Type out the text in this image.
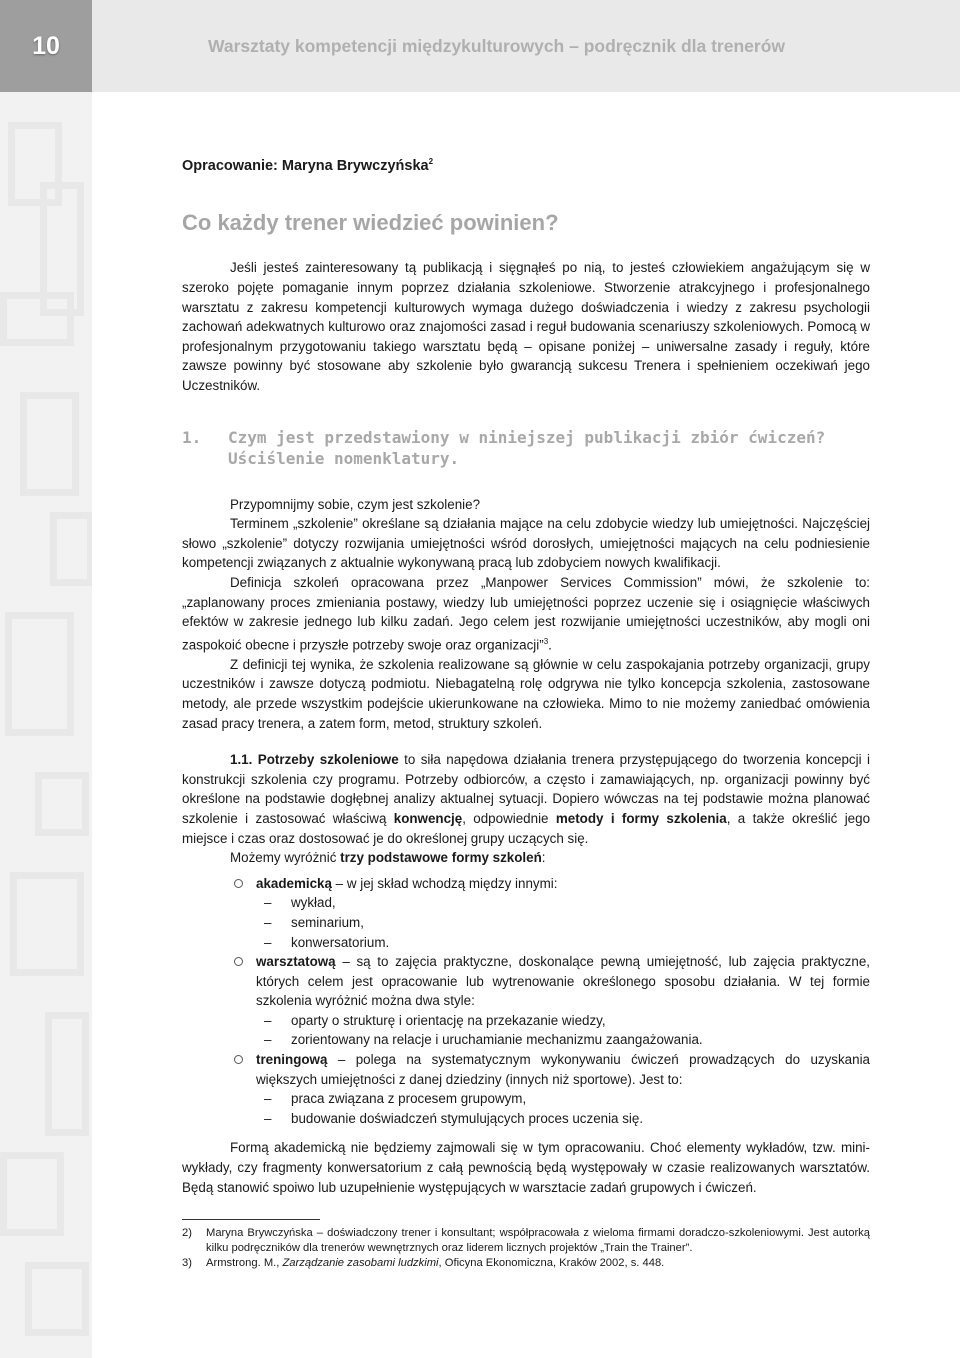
10	Warsztaty kompetencji międzykulturowych – podręcznik dla trenerów
Opracowanie: Maryna Brywczyńska$^2$
Co każdy trener wiedzieć powinien?

Jeśli jesteś zainteresowany tą publikacją i sięgnąłeś po nią, to jesteś człowiekiem angażującym się w szeroko pojęte pomaganie innym poprzez działania szkoleniowe. Stworzenie atrakcyjnego i profesjonalnego warsztatu z zakresu kompetencji kulturowych wymaga dużego doświadczenia i wiedzy z zakresu psychologii zachowań adekwatnych kulturowo oraz znajomości zasad i reguł budowania scenariuszy szkoleniowych. Pomocą w profesjonalnym przygotowaniu takiego warsztatu będą – opisane poniżej – uniwersalne zasady i reguły, które zawsze powinny być stosowane aby szkolenie było gwarancją sukcesu Trenera i spełnieniem oczekiwań jego Uczestników.

1.	Czym jest przedstawiony w niniejszej publikacji zbiór ćwiczeń?
Uściślenie nomenklatury.

Przypomnijmy sobie, czym jest szkolenie?

Terminem „szkolenie” określane są działania mające na celu zdobycie wiedzy lub umiejętności. Najczęściej słowo „szkolenie” dotyczy rozwijania umiejętności wśród dorosłych, umiejętności mających na celu podniesienie kompetencji związanych z aktualnie wykonywaną pracą lub zdobyciem nowych kwalifikacji.

Definicja szkoleń opracowana przez „Manpower Services Commission” mówi, że szkolenie to: „zaplanowany proces zmieniania postawy, wiedzy lub umiejętności poprzez uczenie się i osiągnięcie właściwych efektów w zakresie jednego lub kilku zadań. Jego celem jest rozwijanie umiejętności uczestników, aby mogli oni zaspokoić obecne i przyszłe potrzeby swoje oraz organizacji”$^3$.

Z definicji tej wynika, że szkolenia realizowane są głównie w celu zaspokajania potrzeby organizacji, grupy uczestników i zawsze dotyczą podmiotu. Niebagatelną rolę odgrywa nie tylko koncepcja szkolenia, zastosowane metody, ale przede wszystkim podejście ukierunkowane na człowieka. Mimo to nie możemy zaniedbać omówienia zasad pracy trenera, a zatem form, metod, struktury szkoleń.

1.1. Potrzeby szkoleniowe to siła napędowa działania trenera przystępującego do tworzenia koncepcji i konstrukcji szkolenia czy programu. Potrzeby odbiorców, a często i zamawiających, np. organizacji powinny być określone na podstawie dogłębnej analizy aktualnej sytuacji. Dopiero wówczas na tej podstawie można planować szkolenie i zastosować właściwą konwencję, odpowiednie metody i formy szkolenia, a także określić jego miejsce i czas oraz dostosować je do określonej grupy uczących się.

Możemy wyróżnić trzy podstawowe formy szkoleń:

akademicką – w jej skład wchodzą między innymi:
– wykład,
– seminarium,
– konwersatorium.
warsztatową – są to zajęcia praktyczne, doskonalące pewną umiejętność, lub zajęcia praktyczne, których celem jest opracowanie lub wytrenowanie określonego sposobu działania. W tej formie szkolenia wyróżnić można dwa style:
– oparty o strukturę i orientację na przekazanie wiedzy,
– zorientowany na relacje i uruchamianie mechanizmu zaangażowania.
treningową – polega na systematycznym wykonywaniu ćwiczeń prowadzących do uzyskania większych umiejętności z danej dziedziny (innych niż sportowe). Jest to:
– praca związana z procesem grupowym,
– budowanie doświadczeń stymulujących proces uczenia się.

Formą akademicką nie będziemy zajmowali się w tym opracowaniu. Choć elementy wykładów, tzw. mini-wykłady, czy fragmenty konwersatorium z całą pewnością będą występowały w czasie realizowanych warsztatów. Będą stanowić spoiwo lub uzupełnienie występujących w warsztacie zadań grupowych i ćwiczeń.

2)	Maryna Brywczyńska – doświadczony trener i konsultant; współpracowała z wieloma firmami doradczo-szkoleniowymi. Jest autorką kilku podręczników dla trenerów wewnętrznych oraz liderem licznych projektów „Train the Trainer”.
3)	Armstrong. M., Zarządzanie zasobami ludzkimi, Oficyna Ekonomiczna, Kraków 2002, s. 448.
